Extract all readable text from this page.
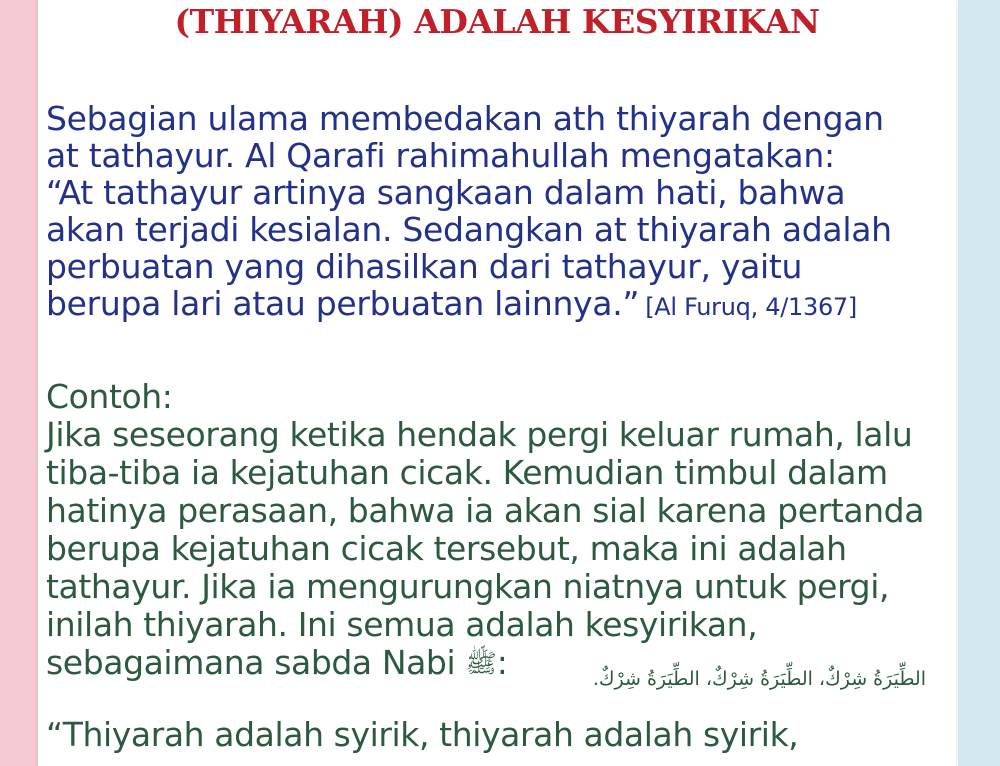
(THIYARAH) ADALAH KESYIRIKAN
Sebagian ulama membedakan ath thiyarah dengan
at tathayur. Al Qarafi rahimahullah mengatakan:
“At tathayur artinya sangkaan dalam hati, bahwa
akan terjadi kesialan. Sedangkan at thiyarah adalah
perbuatan yang dihasilkan dari tathayur, yaitu
berupa lari atau perbuatan lainnya.” [Al Furuq, 4/1367]
Contoh:
Jika seseorang ketika hendak pergi keluar rumah, lalu
tiba-tiba ia kejatuhan cicak. Kemudian timbul dalam
hatinya perasaan, bahwa ia akan sial karena pertanda
berupa kejatuhan cicak tersebut, maka ini adalah
tathayur. Jika ia mengurungkan niatnya untuk pergi,
inilah thiyarah. Ini semua adalah kesyirikan,
sebagaimana sabda Nabi ﷺ:	الطِّيَرَةُ شِرْكٌ، الطِّيَرَةُ شِرْكٌ، الطِّيَرَةُ شِرْكٌ.
“Thiyarah adalah syirik, thiyarah adalah syirik,
